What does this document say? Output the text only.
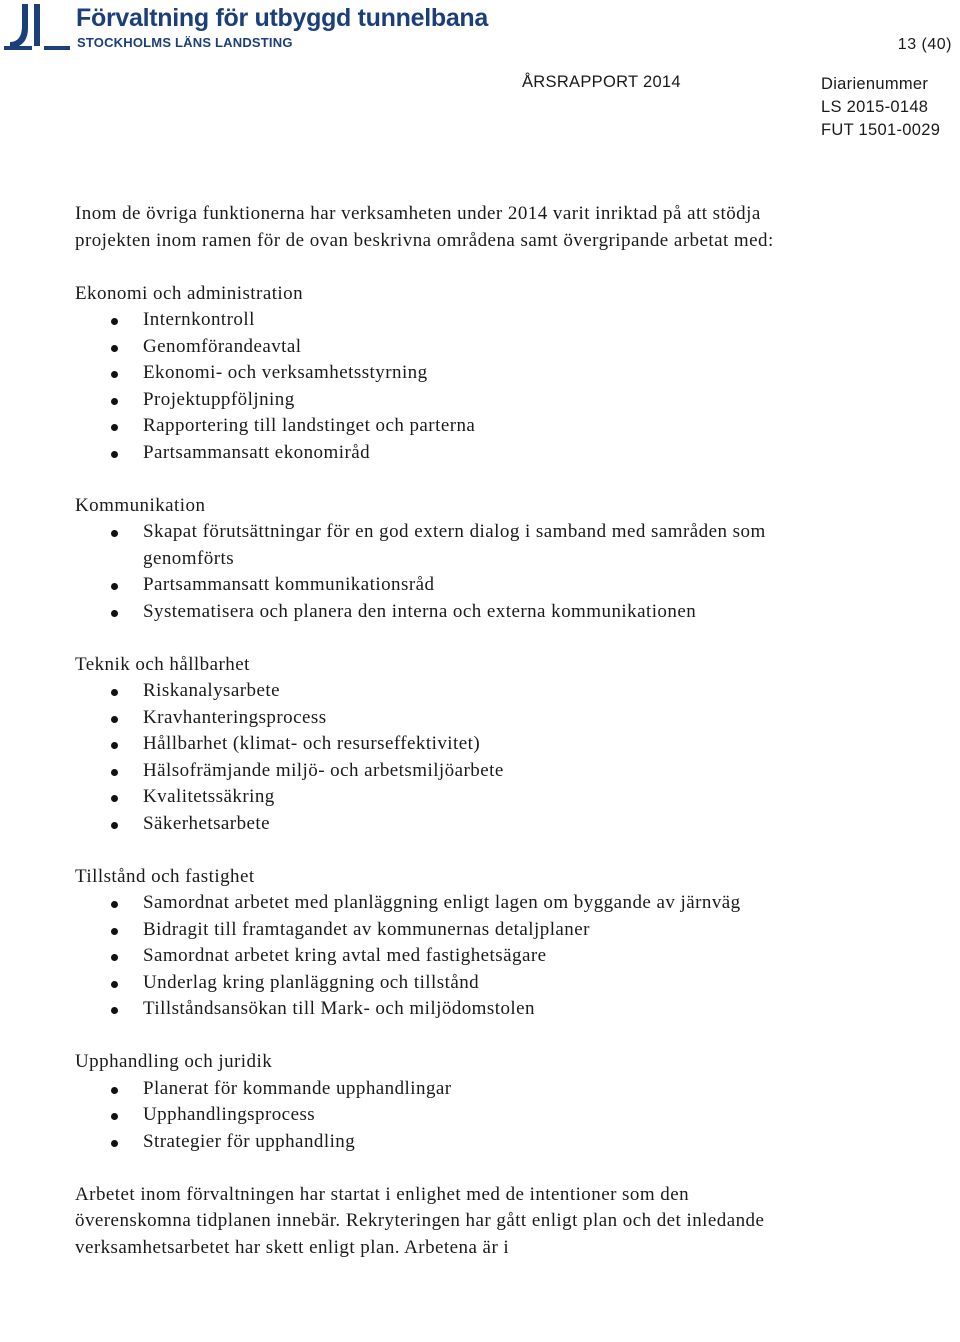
Förvaltning för utbyggd tunnelbana
STOCKHOLMS LÄNS LANDSTING	13 (40)
ÅRSRAPPORT 2014	Diarienummer
LS 2015-0148
FUT 1501-0029

Inom de övriga funktionerna har verksamheten under 2014 varit inriktad på att stödja projekten inom ramen för de ovan beskrivna områdena samt övergripande arbetat med:

Ekonomi och administration

Internkontroll
Genomförandeavtal
Ekonomi- och verksamhetsstyrning
Projektuppföljning
Rapportering till landstinget och parterna
Partsammansatt ekonomiråd

Kommunikation

Skapat förutsättningar för en god extern dialog i samband med samråden som genomförts
Partsammansatt kommunikationsråd
Systematisera och planera den interna och externa kommunikationen

Teknik och hållbarhet

Riskanalysarbete
Kravhanteringsprocess
Hållbarhet (klimat- och resurseffektivitet)
Hälsofrämjande miljö- och arbetsmiljöarbete
Kvalitetssäkring
Säkerhetsarbete

Tillstånd och fastighet

Samordnat arbetet med planläggning enligt lagen om byggande av järnväg
Bidragit till framtagandet av kommunernas detaljplaner
Samordnat arbetet kring avtal med fastighetsägare
Underlag kring planläggning och tillstånd
Tillståndsansökan till Mark- och miljödomstolen

Upphandling och juridik

Planerat för kommande upphandlingar
Upphandlingsprocess
Strategier för upphandling

Arbetet inom förvaltningen har startat i enlighet med de intentioner som den överenskomna tidplanen innebär. Rekryteringen har gått enligt plan och det inledande verksamhetsarbetet har skett enligt plan. Arbetena är i
